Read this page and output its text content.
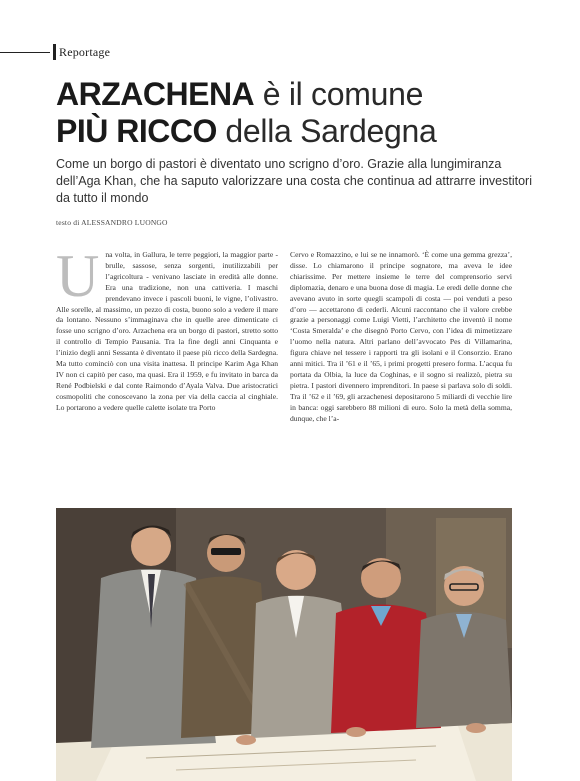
Reportage
ARZACHENA è il comune
PIÙ RICCO della Sardegna

Come un borgo di pastori è diventato uno scrigno d’oro. Grazie alla lungimiranza dell’Aga Khan, che ha saputo valorizzare una costa che continua ad attrarre investitori da tutto il mondo

testo di ALESSANDRO LUONGO
U na volta, in Gallura, le terre peggiori, la maggior parte - brulle, sassose, senza sorgenti, inutilizzabili per l’agricoltura - venivano lasciate in eredità alle donne. Era una tradizione, non una cattiveria. I maschi prendevano invece i pascoli buoni, le vigne, l’olivastro. Alle sorelle, al massimo, un pezzo di costa, buono solo a vedere il mare da lontano. Nessuno s’immaginava che in quelle aree dimenticate ci fosse uno scrigno d’oro. Arzachena era un borgo di pastori, stretto sotto il controllo di Tempio Pausania. Tra la fine degli anni Cinquanta e l’inizio degli anni Sessanta è diventato il paese più ricco della Sardegna. Ma tutto cominciò con una visita inattesa. Il principe Karim Aga Khan IV non ci capitò per caso, ma quasi. Era il 1959, e fu invitato in barca da René Podbielski e dal conte Raimondo d’Ayala Valva. Due aristocratici cosmopoliti che conoscevano la zona per via della caccia al cinghiale. Lo portarono a vedere quelle calette isolate tra Porto

Cervo e Romazzino, e lui se ne innamorò. ‘È come una gemma grezza’, disse. Lo chiamarono il principe sognatore, ma aveva le idee chiarissime. Per mettere insieme le terre del comprensorio servì diplomazia, denaro e una buona dose di magia. Le eredi delle donne che avevano avuto in sorte quegli scampoli di costa — poi venduti a peso d’oro — accettarono di cederli. Alcuni raccontano che il valore crebbe grazie a personaggi come Luigi Vietti, l’architetto che inventò il nome ‘Costa Smeralda’ e che disegnò Porto Cervo, con l’idea di mimetizzare l’uomo nella natura. Altri parlano dell’avvocato Pes di Villamarina, figura chiave nel tessere i rapporti tra gli isolani e il Consorzio. Erano anni mitici. Tra il ’61 e il ’65, i primi progetti presero forma. L’acqua fu portata da Olbia, la luce da Coghinas, e il sogno si realizzò, pietra su pietra. I pastori divennero imprenditori. In paese si parlava solo di soldi. Tra il ’62 e il ’69, gli arzachenesi depositarono 5 miliardi di vecchie lire in banca: oggi sarebbero 88 milioni di euro. Solo la metà della somma, dunque, che l’a-
